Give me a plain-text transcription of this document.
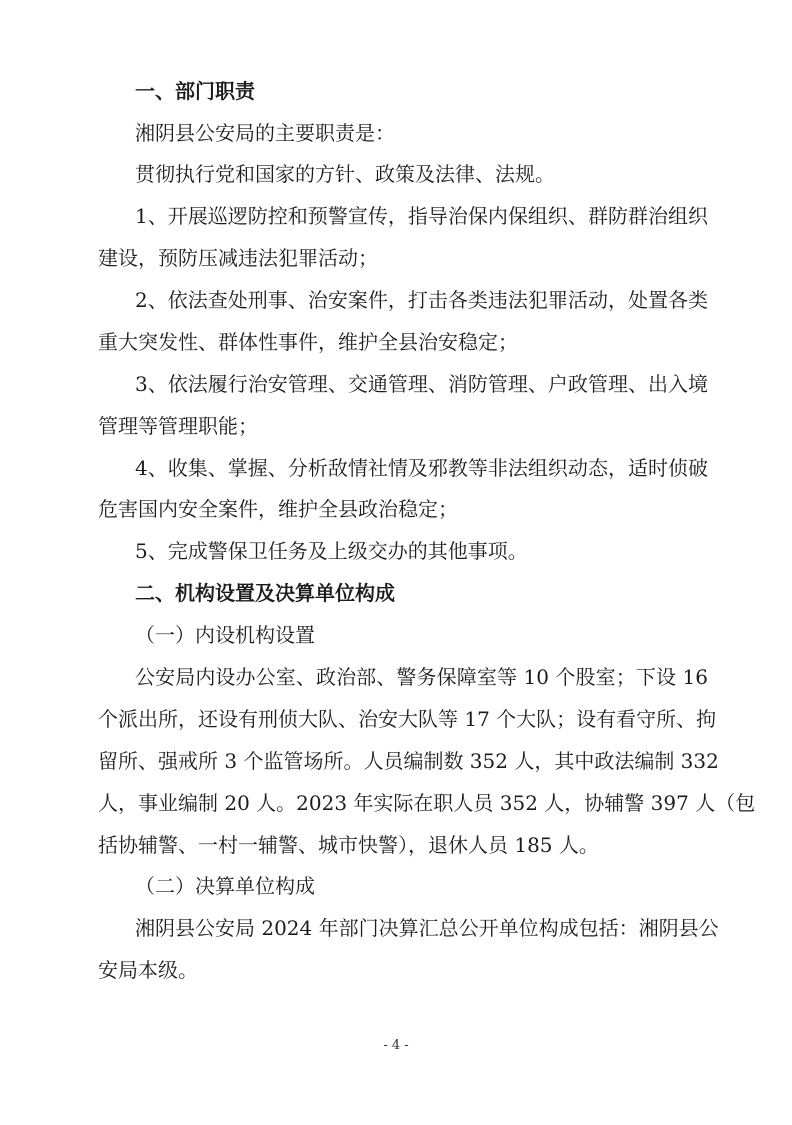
一、部门职责
湘阴县公安局的主要职责是：
贯彻执行党和国家的方针、政策及法律、法规。
1、开展巡逻防控和预警宣传，指导治保内保组织、群防群治组织
建设，预防压减违法犯罪活动；
2、依法查处刑事、治安案件，打击各类违法犯罪活动，处置各类
重大突发性、群体性事件，维护全县治安稳定；
3、依法履行治安管理、交通管理、消防管理、户政管理、出入境
管理等管理职能；
4、收集、掌握、分析敌情社情及邪教等非法组织动态，适时侦破
危害国内安全案件，维护全县政治稳定；
5、完成警保卫任务及上级交办的其他事项。
二、机构设置及决算单位构成
（一）内设机构设置
公安局内设办公室、政治部、警务保障室等 10 个股室；下设 16
个派出所，还设有刑侦大队、治安大队等 17 个大队；设有看守所、拘
留所、强戒所 3 个监管场所。人员编制数 352 人，其中政法编制 332
人，事业编制 20 人。2023 年实际在职人员 352 人，协辅警 397 人（包
括协辅警、一村一辅警、城市快警），退休人员 185 人。
（二）决算单位构成
湘阴县公安局 2024 年部门决算汇总公开单位构成包括：湘阴县公
安局本级。
- 4 -
